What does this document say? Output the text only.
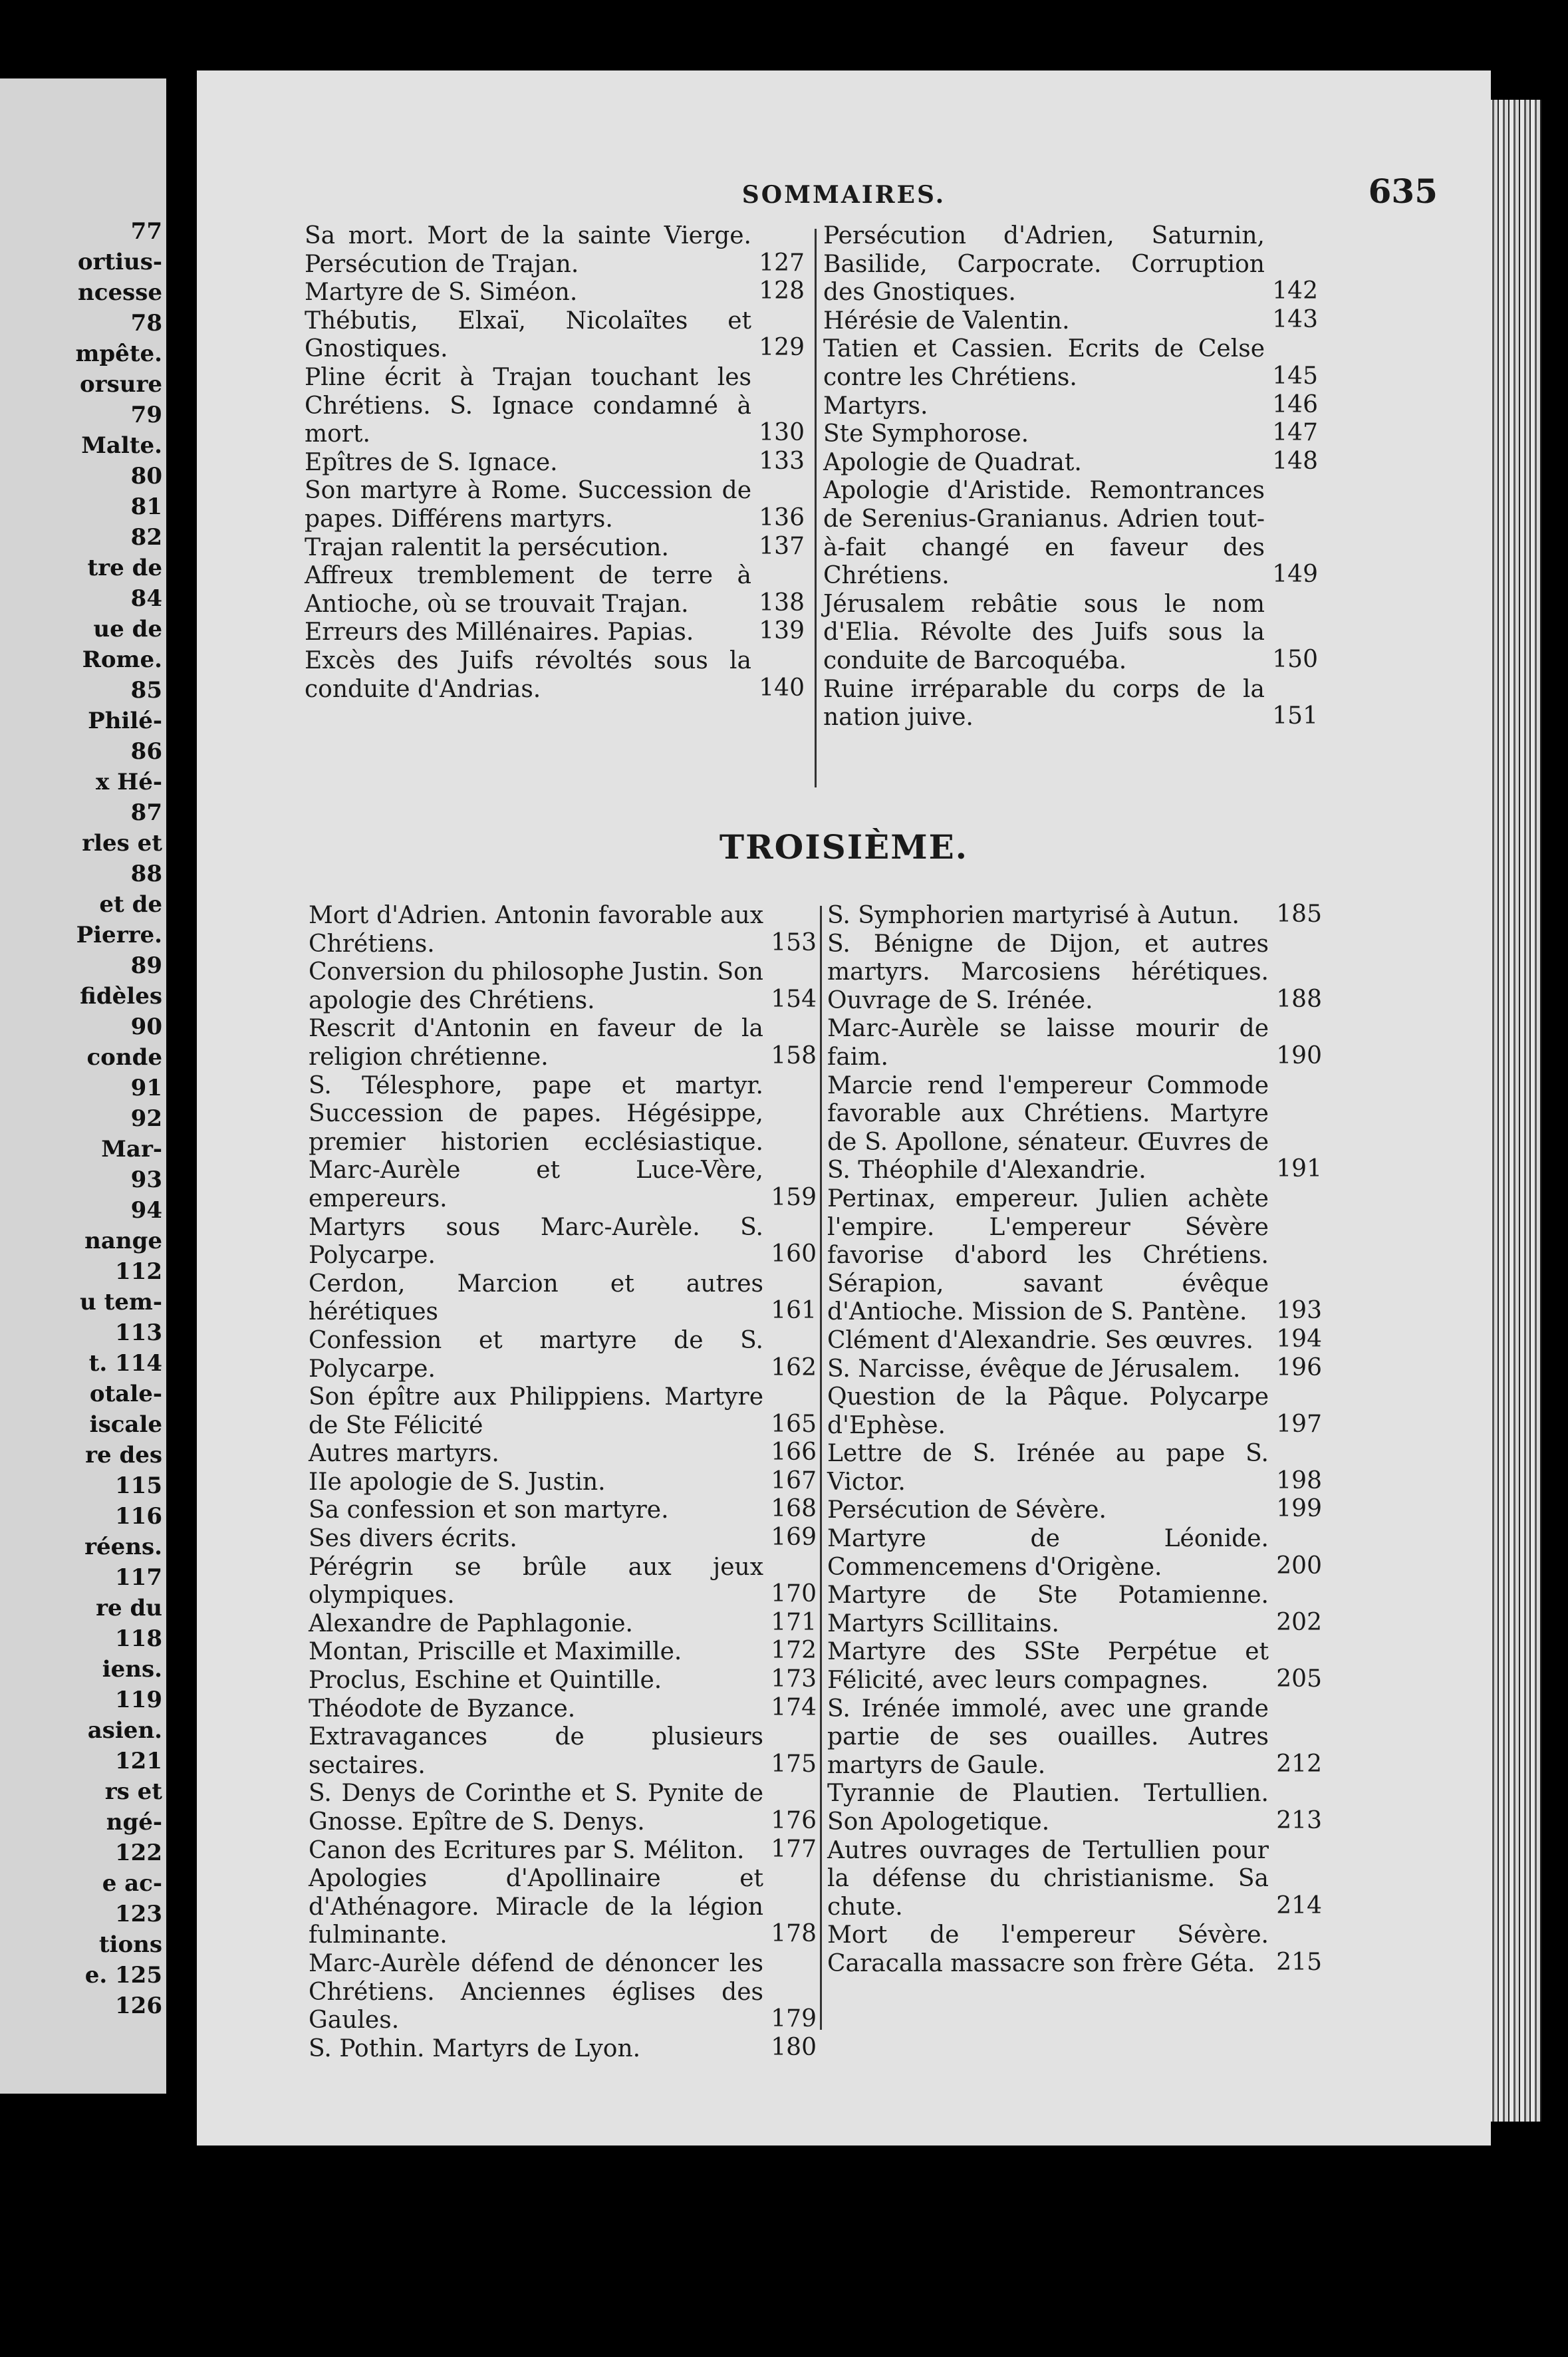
77
ortius-
ncesse
78
mpête.
orsure
79
Malte.
80
81
82
tre de
84
ue de
Rome.
85
Philé-
86
x Hé-
87
rles et
88
et de
Pierre.
89
fidèles
90
conde
91
92
Mar-
93
94
nange
112
u tem-
113
t. 114
otale-
iscale
re des
115
116
réens.
117
re du
118
iens.
119
asien.
121
rs et
ngé-
122
e ac-
123
tions
e. 125
126
SOMMAIRES.	635
Sa mort. Mort de la sainte Vierge. Persécution de Trajan.	127
Martyre de S. Siméon.	128
Thébutis, Elxaï, Nicolaïtes et Gnostiques.	129
Pline écrit à Trajan touchant les Chrétiens. S. Ignace condamné à mort.	130
Epîtres de S. Ignace.	133
Son martyre à Rome. Succession de papes. Différens martyrs.	136
Trajan ralentit la persécution.	137
Affreux tremblement de terre à Antioche, où se trouvait Trajan.	138
Erreurs des Millénaires. Papias.	139
Excès des Juifs révoltés sous la conduite d'Andrias.	140
Persécution d'Adrien, Saturnin, Basilide, Carpocrate. Corruption des Gnostiques.	142
Hérésie de Valentin.	143
Tatien et Cassien. Ecrits de Celse contre les Chrétiens.	145
Martyrs.	146
Ste Symphorose.	147
Apologie de Quadrat.	148
Apologie d'Aristide. Remontrances de Serenius-Granianus. Adrien tout-à-fait changé en faveur des Chrétiens.	149
Jérusalem rebâtie sous le nom d'Elia. Révolte des Juifs sous la conduite de Barcoquéba.	150
Ruine irréparable du corps de la nation juive.	151
TROISIÈME.
Mort d'Adrien. Antonin favorable aux Chrétiens.	153
Conversion du philosophe Justin. Son apologie des Chrétiens.	154
Rescrit d'Antonin en faveur de la religion chrétienne.	158
S. Télesphore, pape et martyr. Succession de papes. Hégésippe, premier historien ecclésiastique. Marc-Aurèle et Luce-Vère, empereurs.	159
Martyrs sous Marc-Aurèle. S. Polycarpe.	160
Cerdon, Marcion et autres hérétiques	161
Confession et martyre de S. Polycarpe.	162
Son épître aux Philippiens. Martyre de Ste Félicité	165
Autres martyrs.	166
IIe apologie de S. Justin.	167
Sa confession et son martyre.	168
Ses divers écrits.	169
Pérégrin se brûle aux jeux olympiques.	170
Alexandre de Paphlagonie.	171
Montan, Priscille et Maximille.	172
Proclus, Eschine et Quintille.	173
Théodote de Byzance.	174
Extravagances de plusieurs sectaires.	175
S. Denys de Corinthe et S. Pynite de Gnosse. Epître de S. Denys.	176
Canon des Ecritures par S. Méliton.	177
Apologies d'Apollinaire et d'Athénagore. Miracle de la légion fulminante.	178
Marc-Aurèle défend de dénoncer les Chrétiens. Anciennes églises des Gaules.	179
S. Pothin. Martyrs de Lyon.	180
S. Symphorien martyrisé à Autun.	185
S. Bénigne de Dijon, et autres martyrs. Marcosiens hérétiques. Ouvrage de S. Irénée.	188
Marc-Aurèle se laisse mourir de faim.	190
Marcie rend l'empereur Commode favorable aux Chrétiens. Martyre de S. Apollone, sénateur. Œuvres de S. Théophile d'Alexandrie.	191
Pertinax, empereur. Julien achète l'empire. L'empereur Sévère favorise d'abord les Chrétiens. Sérapion, savant évêque d'Antioche. Mission de S. Pantène.	193
Clément d'Alexandrie. Ses œuvres. 194
S. Narcisse, évêque de Jérusalem.	196
Question de la Pâque. Polycarpe d'Ephèse.	197
Lettre de S. Irénée au pape S. Victor.	198
Persécution de Sévère.	199
Martyre de Léonide. Commencemens d'Origène.	200
Martyre de Ste Potamienne. Martyrs Scillitains.	202
Martyre des SSte Perpétue et Félicité, avec leurs compagnes.	205
S. Irénée immolé, avec une grande partie de ses ouailles. Autres martyrs de Gaule.	212
Tyrannie de Plautien. Tertullien. Son Apologetique.	213
Autres ouvrages de Tertullien pour la défense du christianisme. Sa chute.	214
Mort de l'empereur Sévère. Caracalla massacre son frère Géta. 215
